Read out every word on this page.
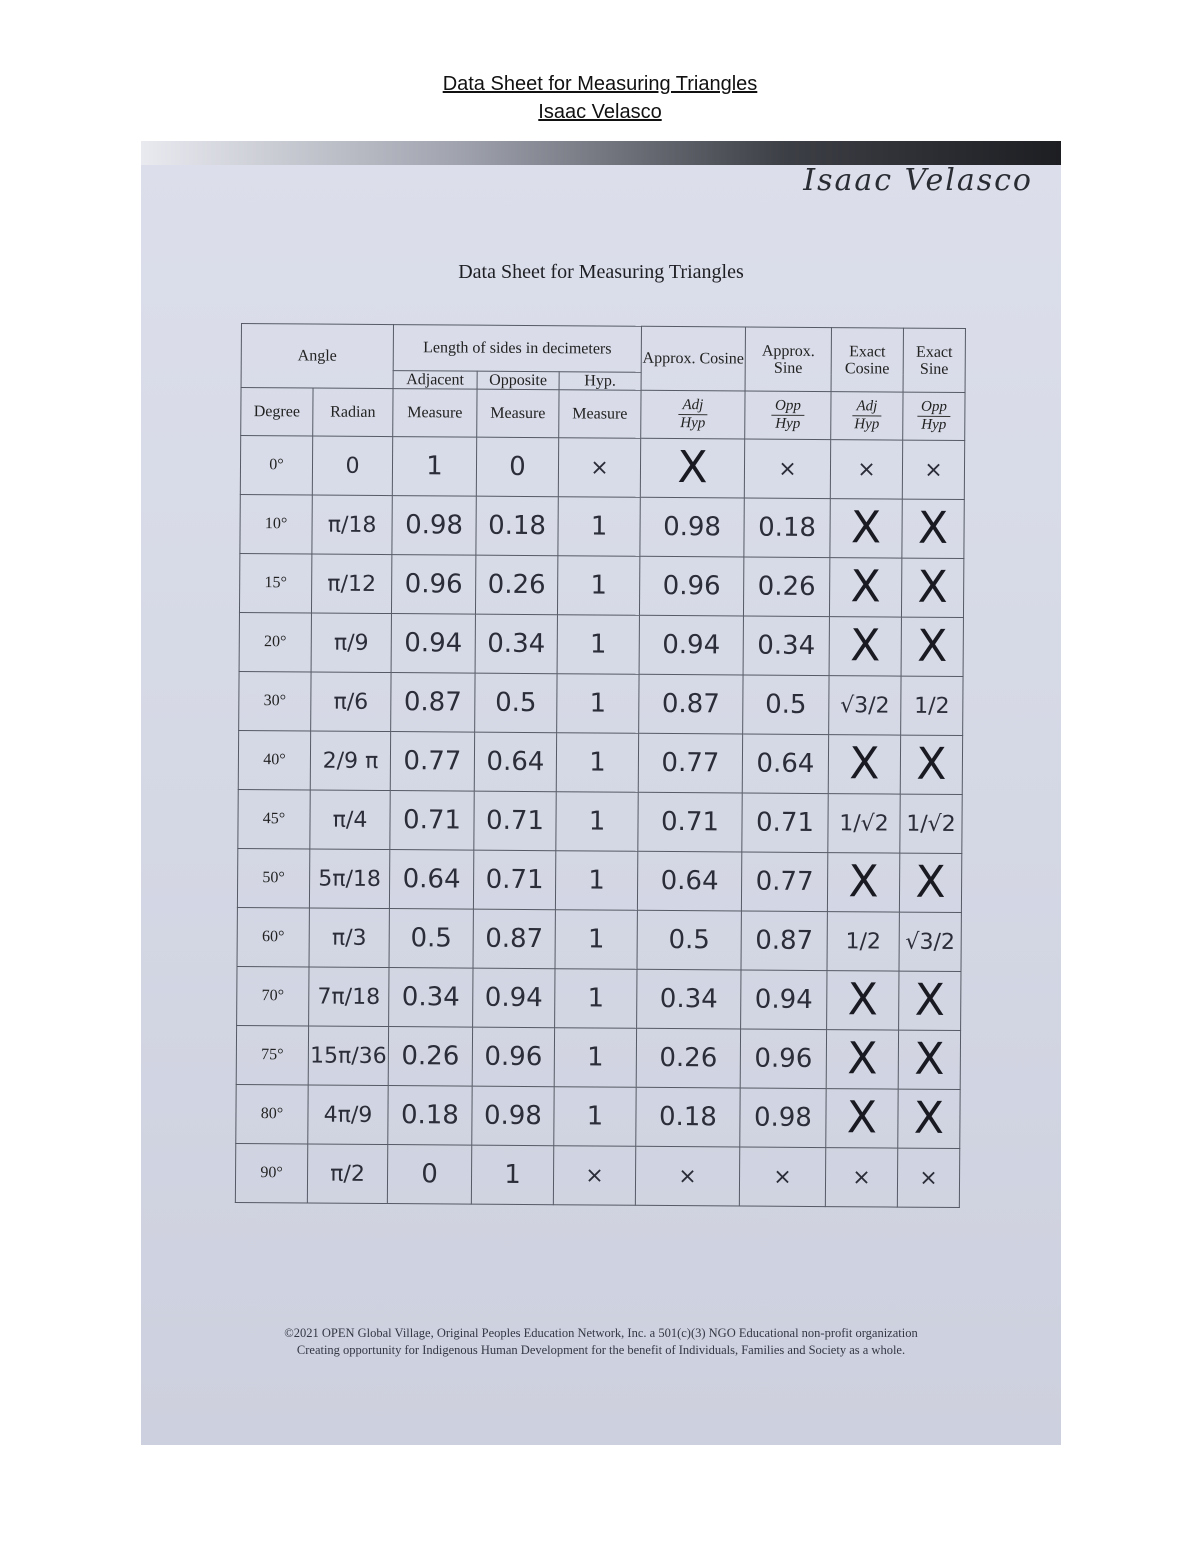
Data Sheet for Measuring Triangles
Isaac Velasco
Isaac Velasco
Data Sheet for Measuring Triangles
Angle		Length of sides in decimeters			Approx. Cosine	Approx. Sine	Exact Cosine	Exact Sine
		Adjacent	Opposite	Hyp.				
Degree	Radian	Measure	Measure	Measure	$\frac{\text{Adj}}{\text{Hyp}}$	$\frac{\text{Opp}}{\text{Hyp}}$	$\frac{\text{Adj}}{\text{Hyp}}$	$\frac{\text{Opp}}{\text{Hyp}}$
0°	0	1	0	×	X	×	×	×
10°	π/18	0.98	0.18	1	0.98	0.18	X	X
15°	π/12	0.96	0.26	1	0.96	0.26	X	X
20°	π/9	0.94	0.34	1	0.94	0.34	X	X
30°	π/6	0.87	0.5	1	0.87	0.5	√3/2	1/2
40°	2/9 π	0.77	0.64	1	0.77	0.64	X	X
45°	π/4	0.71	0.71	1	0.71	0.71	1/√2	1/√2
50°	5π/18	0.64	0.71	1	0.64	0.77	X	X
60°	π/3	0.5	0.87	1	0.5	0.87	1/2	√3/2
70°	7π/18	0.34	0.94	1	0.34	0.94	X	X
75°	15π/36	0.26	0.96	1	0.26	0.96	X	X
80°	4π/9	0.18	0.98	1	0.18	0.98	X	X
90°	π/2	0	1	×	×	×	×	×
©2021 OPEN Global Village, Original Peoples Education Network, Inc. a 501(c)(3) NGO Educational non-profit organization
Creating opportunity for Indigenous Human Development for the benefit of Individuals, Families and Society as a whole.
